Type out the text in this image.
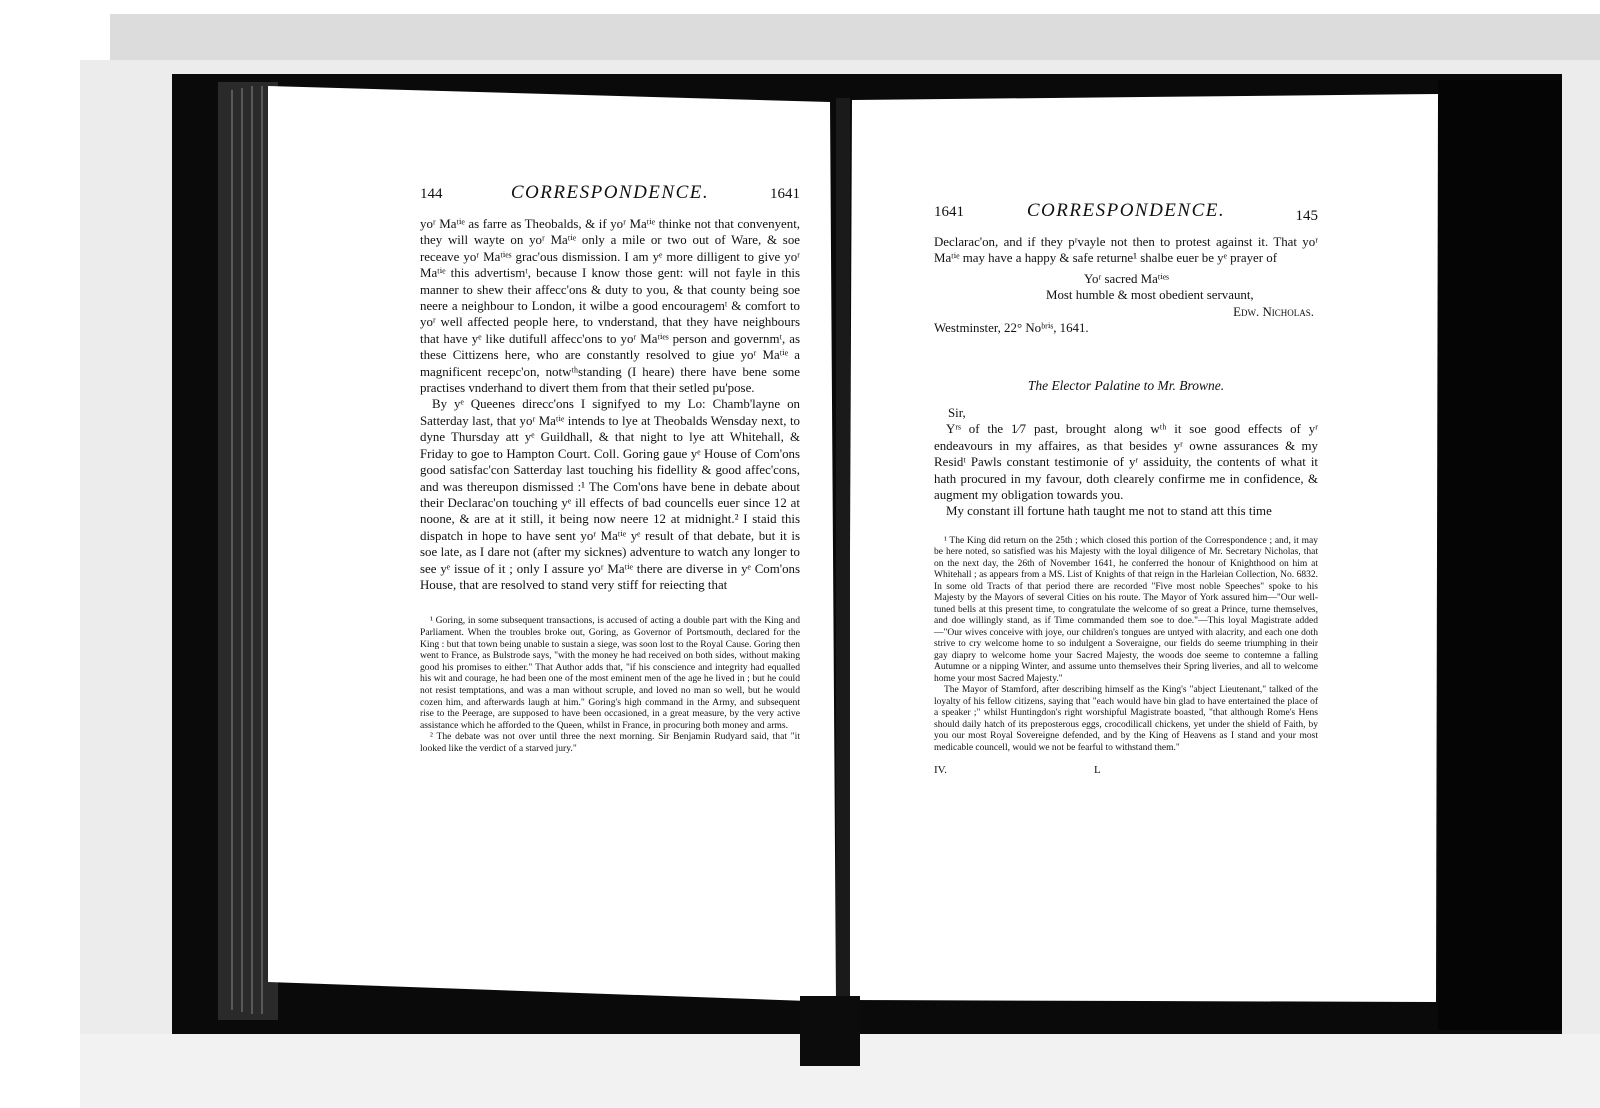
144	CORRESPONDENCE.	1641

yoʳ Maᵗⁱᵉ as farre as Theobalds, & if yoʳ Maᵗⁱᵉ thinke not that convenyent, they will wayte on yoʳ Maᵗⁱᵉ only a mile or two out of Ware, & soe receave yoʳ Maᵗⁱᵉˢ grac'ous dismission. I am yᵉ more dilligent to give yoʳ Maᵗⁱᵉ this advertismᵗ, because I know those gent: will not fayle in this manner to shew their affecc'ons & duty to you, & that county being soe neere a neighbour to London, it wilbe a good encouragemᵗ & comfort to yoʳ well affected people here, to vnderstand, that they have neighbours that have yᵉ like dutifull affecc'ons to yoʳ Maᵗⁱᵉˢ person and governmᵗ, as these Cittizens here, who are constantly resolved to giue yoʳ Maᵗⁱᵉ a magnificent recepc'on, notwᵗʰstanding (I heare) there have bene some practises vnderhand to divert them from that their setled pu'pose.

By yᵉ Queenes direcc'ons I signifyed to my Lo: Chamb'layne on Satterday last, that yoʳ Maᵗⁱᵉ intends to lye at Theobalds Wensday next, to dyne Thursday att yᵉ Guildhall, & that night to lye att Whitehall, & Friday to goe to Hampton Court. Coll. Goring gaue yᵉ House of Com'ons good satisfac'con Satterday last touching his fidellity & good affec'cons, and was thereupon dismissed :¹ The Com'ons have bene in debate about their Declarac'on touching yᵉ ill effects of bad councells euer since 12 at noone, & are at it still, it being now neere 12 at midnight.² I staid this dispatch in hope to have sent yoʳ Maᵗⁱᵉ yᵉ result of that debate, but it is soe late, as I dare not (after my sicknes) adventure to watch any longer to see yᵉ issue of it ; only I assure yoʳ Maᵗⁱᵉ there are diverse in yᵉ Com'ons House, that are resolved to stand very stiff for reiecting that

¹ Goring, in some subsequent transactions, is accused of acting a double part with the King and Parliament. When the troubles broke out, Goring, as Governor of Portsmouth, declared for the King : but that town being unable to sustain a siege, was soon lost to the Royal Cause. Goring then went to France, as Bulstrode says, "with the money he had received on both sides, without making good his promises to either." That Author adds that, "if his conscience and integrity had equalled his wit and courage, he had been one of the most eminent men of the age he lived in ; but he could not resist temptations, and was a man without scruple, and loved no man so well, but he would cozen him, and afterwards laugh at him." Goring's high command in the Army, and subsequent rise to the Peerage, are supposed to have been occasioned, in a great measure, by the very active assistance which he afforded to the Queen, whilst in France, in procuring both money and arms.

² The debate was not over until three the next morning. Sir Benjamin Rudyard said, that "it looked like the verdict of a starved jury."

1641	CORRESPONDENCE.	145

Declarac'on, and if they pʳvayle not then to protest against it. That yoʳ Maᵗⁱᵉ may have a happy & safe returne¹ shalbe euer be yᵉ prayer of

Yoʳ sacred Maᵗⁱᵉˢ
Most humble & most obedient servaunt,
Edw. Nicholas.
Westminster, 22° Noᵇʳⁱˢ, 1641.
The Elector Palatine to Mr. Browne.
Sir,

Yʳˢ of the 1⁄7 past, brought along wᵗʰ it soe good effects of yʳ endeavours in my affaires, as that besides yʳ owne assurances & my Residᵗ Pawls constant testimonie of yʳ assiduity, the contents of what it hath procured in my favour, doth clearely confirme me in confidence, & augment my obligation towards you.

My constant ill fortune hath taught me not to stand att this time

¹ The King did return on the 25th ; which closed this portion of the Correspondence ; and, it may be here noted, so satisfied was his Majesty with the loyal diligence of Mr. Secretary Nicholas, that on the next day, the 26th of November 1641, he conferred the honour of Knighthood on him at Whitehall ; as appears from a MS. List of Knights of that reign in the Harleian Collection, No. 6832. In some old Tracts of that period there are recorded "Five most noble Speeches" spoke to his Majesty by the Mayors of several Cities on his route. The Mayor of York assured him—"Our well-tuned bells at this present time, to congratulate the welcome of so great a Prince, turne themselves, and doe willingly stand, as if Time commanded them soe to doe."—This loyal Magistrate added—"Our wives conceive with joye, our children's tongues are untyed with alacrity, and each one doth strive to cry welcome home to so indulgent a Soveraigne, our fields do seeme triumphing in their gay diapry to welcome home your Sacred Majesty, the woods doe seeme to contemne a falling Autumne or a nipping Winter, and assume unto themselves their Spring liveries, and all to welcome home your most Sacred Majesty."

The Mayor of Stamford, after describing himself as the King's "abject Lieutenant," talked of the loyalty of his fellow citizens, saying that "each would have bin glad to have entertained the place of a speaker ;" whilst Huntingdon's right worshipful Magistrate boasted, "that although Rome's Hens should daily hatch of its preposterous eggs, crocodilicall chickens, yet under the shield of Faith, by you our most Royal Sovereigne defended, and by the King of Heavens as I stand and your most medicable councell, would we not be fearful to withstand them."

IV.	L
